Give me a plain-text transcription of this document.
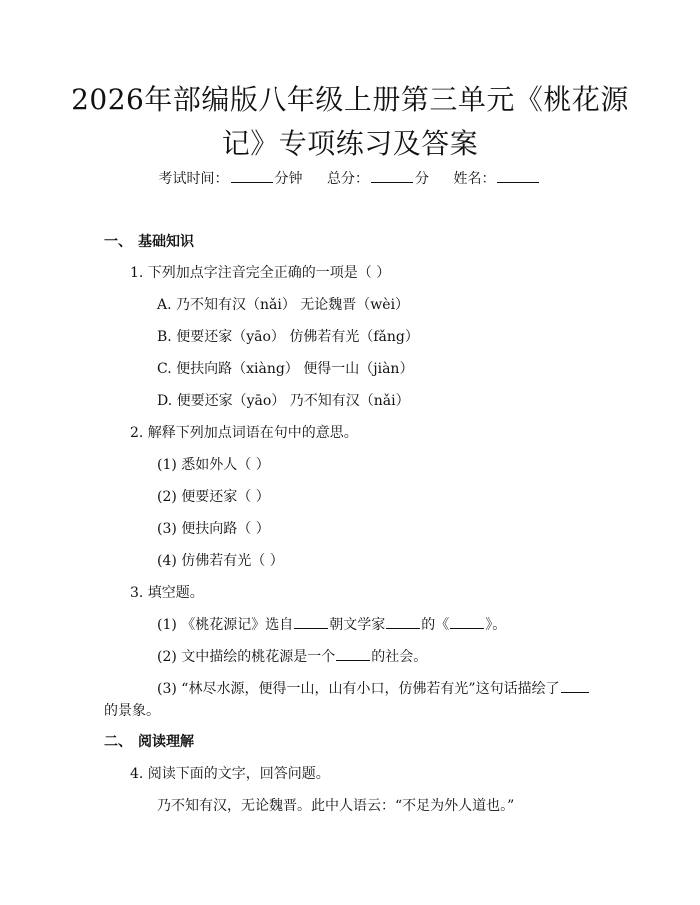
2026年部编版八年级上册第三单元《桃花源
记》专项练习及答案
考试时间：	分钟 总分：	分 姓名：
一、 基础知识
1. 下列加点字注音完全正确的一项是（ ）
A. 乃不知有汉（nǎi） 无论魏晋（wèi）
B. 便要还家（yāo） 仿佛若有光（fǎng）
C. 便扶向路（xiàng） 便得一山（jiàn）
D. 便要还家（yāo） 乃不知有汉（nǎi）
2. 解释下列加点词语在句中的意思。
(1) 悉如外人（ ）
(2) 便要还家（ ）
(3) 便扶向路（ ）
(4) 仿佛若有光（ ）
3. 填空题。
(1) 《桃花源记》选自	朝文学家	的《	》。
(2) 文中描绘的桃花源是一个	的社会。
(3) “林尽水源，便得一山，山有小口，仿佛若有光”这句话描绘了
的景象。
二、 阅读理解
4. 阅读下面的文字，回答问题。
乃不知有汉，无论魏晋。此中人语云：“不足为外人道也。”
